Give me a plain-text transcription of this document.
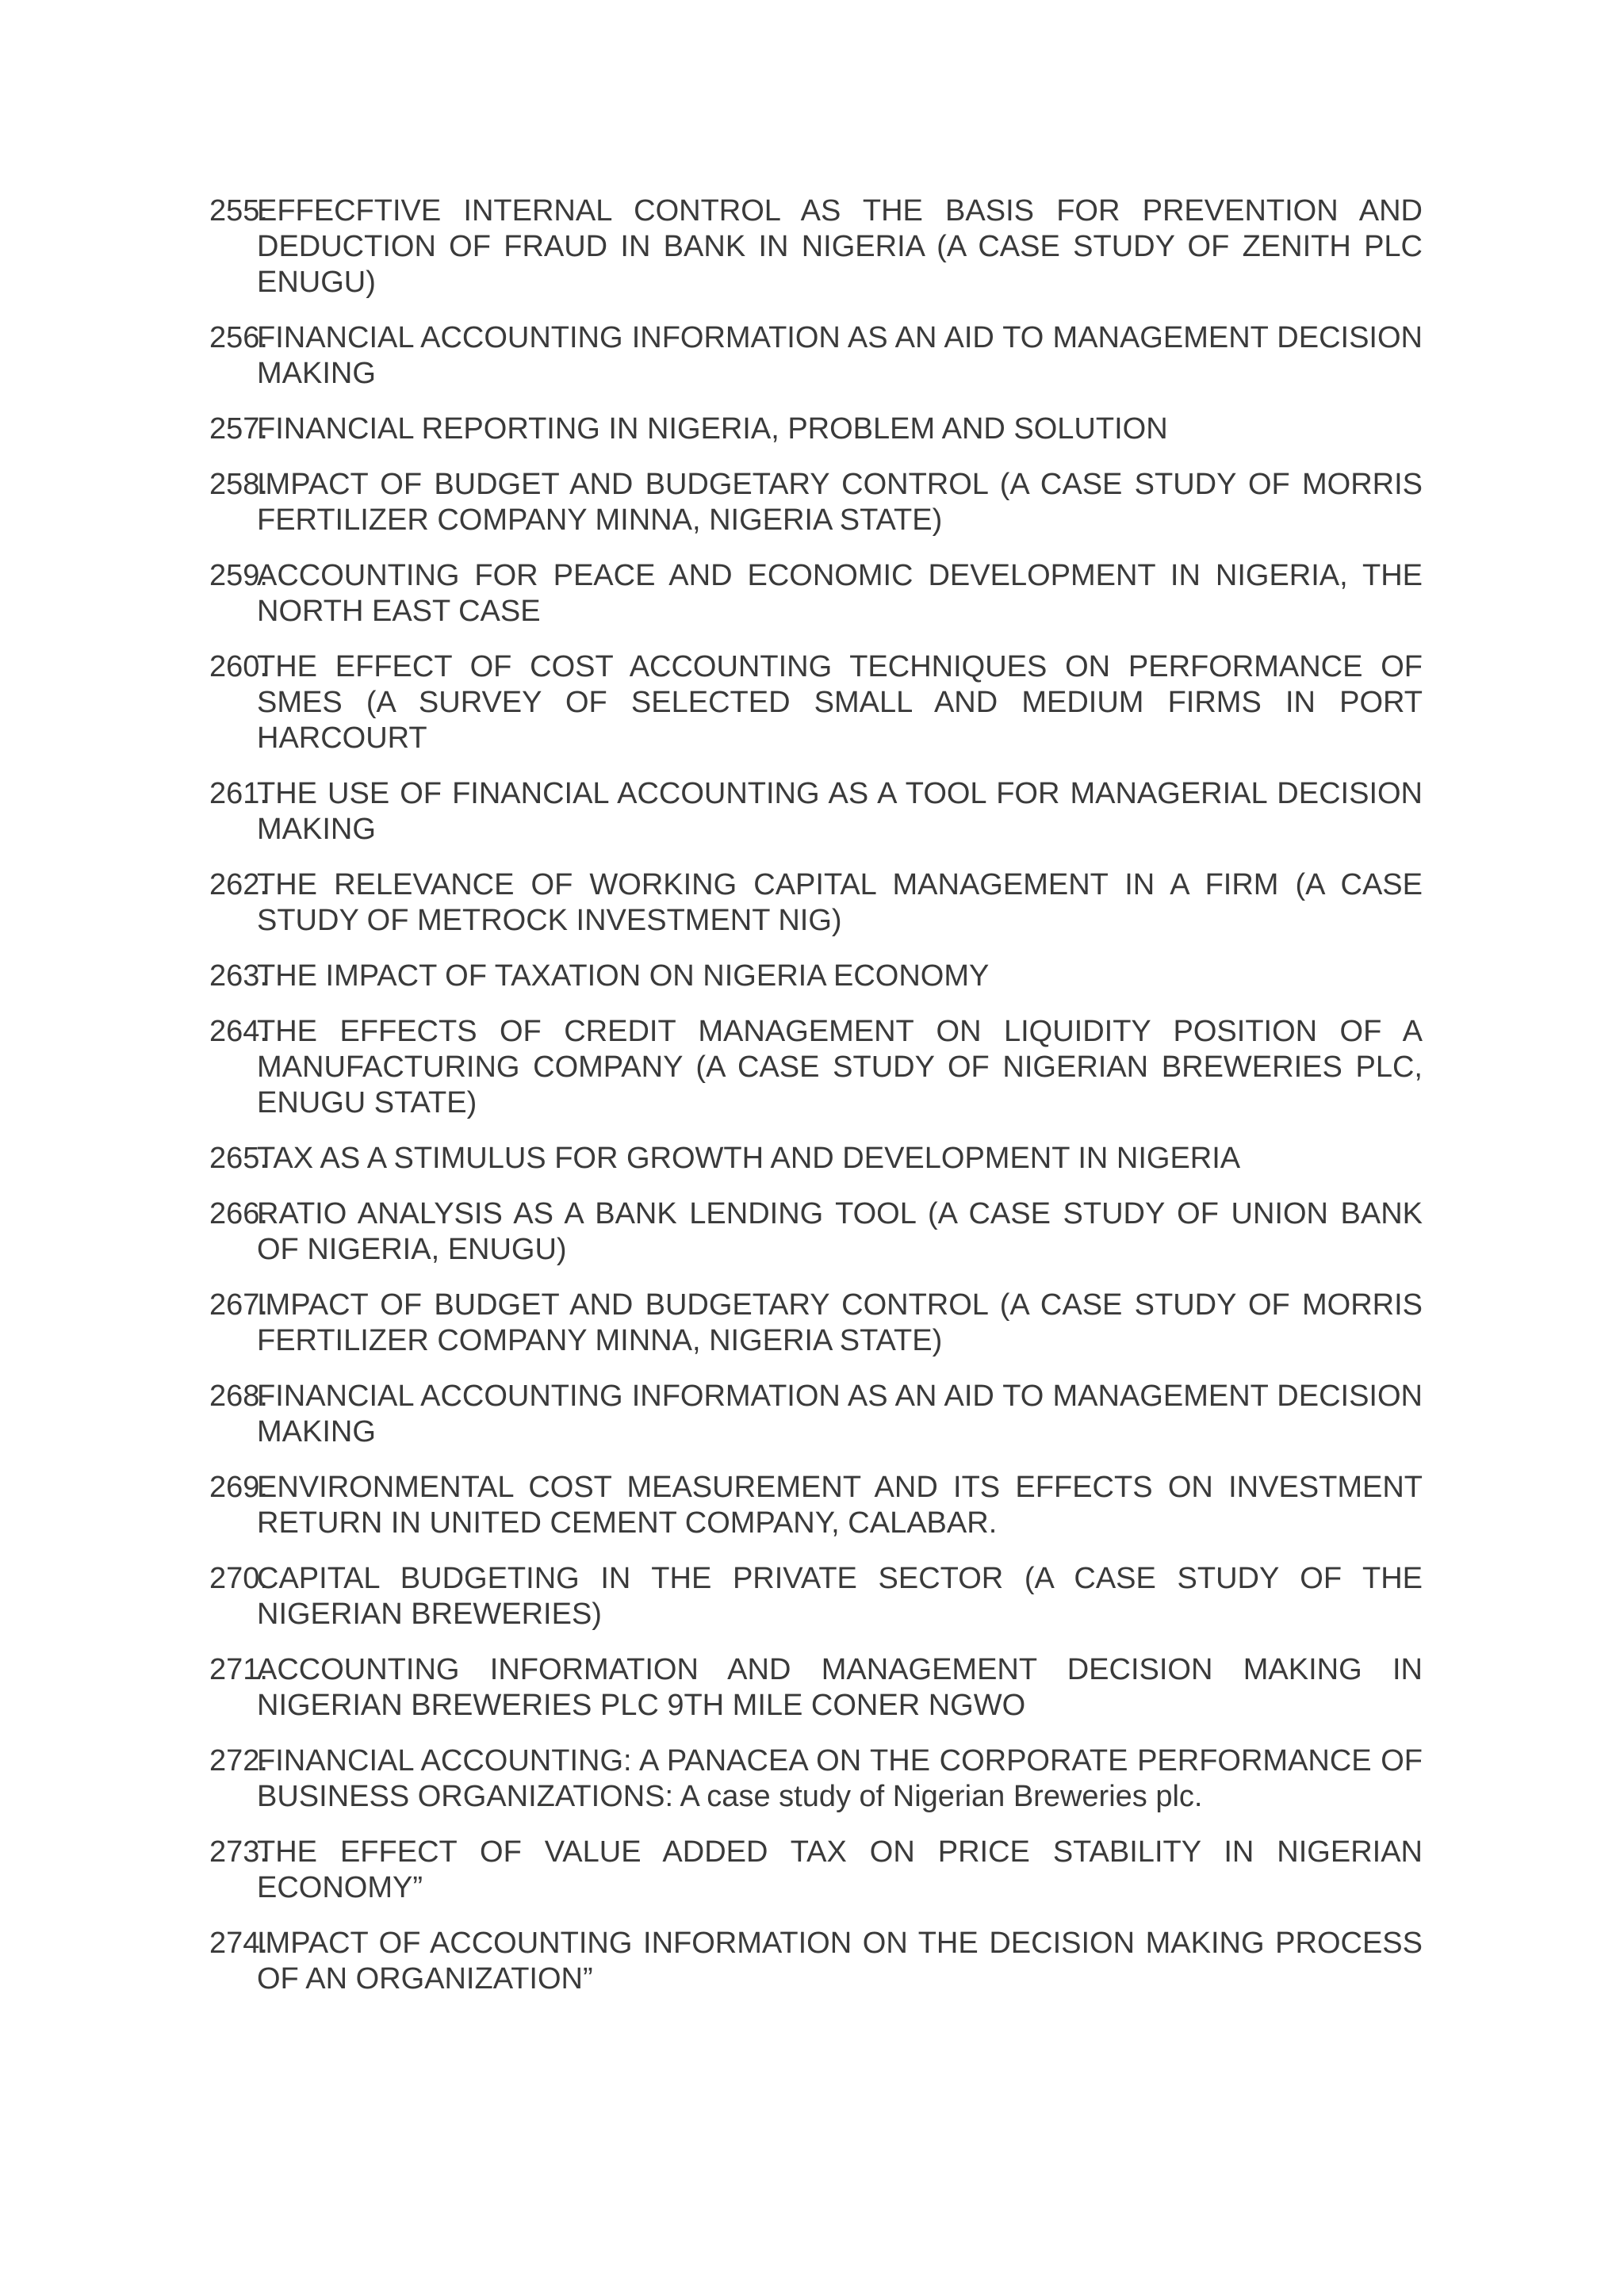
255.
EFFECFTIVE INTERNAL CONTROL AS THE BASIS FOR PREVENTION AND DEDUCTION OF FRAUD IN BANK IN NIGERIA (A CASE STUDY OF ZENITH PLC ENUGU)
256.
FINANCIAL ACCOUNTING INFORMATION AS AN AID TO MANAGEMENT DECISION MAKING
257.
FINANCIAL REPORTING IN NIGERIA, PROBLEM AND SOLUTION
258.
IMPACT OF BUDGET AND BUDGETARY CONTROL (A CASE STUDY OF MORRIS FERTILIZER COMPANY MINNA, NIGERIA STATE)
259.
ACCOUNTING FOR PEACE AND ECONOMIC DEVELOPMENT IN NIGERIA, THE NORTH EAST CASE
260.
THE EFFECT OF COST ACCOUNTING TECHNIQUES ON PERFORMANCE OF SMES (A SURVEY OF SELECTED SMALL AND MEDIUM FIRMS IN PORT HARCOURT
261.
THE USE OF FINANCIAL ACCOUNTING AS A TOOL FOR MANAGERIAL DECISION MAKING
262.
THE RELEVANCE OF WORKING CAPITAL MANAGEMENT IN A FIRM (A CASE STUDY OF METROCK INVESTMENT NIG)
263.
THE IMPACT OF TAXATION ON NIGERIA ECONOMY
264.
THE EFFECTS OF CREDIT MANAGEMENT ON LIQUIDITY POSITION OF A MANUFACTURING COMPANY (A CASE STUDY OF NIGERIAN BREWERIES PLC, ENUGU STATE)
265.
TAX AS A STIMULUS FOR GROWTH AND DEVELOPMENT IN NIGERIA
266.
RATIO ANALYSIS AS A BANK LENDING TOOL (A CASE STUDY OF UNION BANK OF NIGERIA, ENUGU)
267.
IMPACT OF BUDGET AND BUDGETARY CONTROL (A CASE STUDY OF MORRIS FERTILIZER COMPANY MINNA, NIGERIA STATE)
268.
FINANCIAL ACCOUNTING INFORMATION AS AN AID TO MANAGEMENT DECISION MAKING
269.
ENVIRONMENTAL COST MEASUREMENT AND ITS EFFECTS ON INVESTMENT RETURN IN UNITED CEMENT COMPANY, CALABAR.
270.
CAPITAL BUDGETING IN THE PRIVATE SECTOR (A CASE STUDY OF THE NIGERIAN BREWERIES)
271.
ACCOUNTING INFORMATION AND MANAGEMENT DECISION MAKING IN NIGERIAN BREWERIES PLC 9TH MILE CONER NGWO
272.
FINANCIAL ACCOUNTING: A PANACEA ON THE CORPORATE PERFORMANCE OF BUSINESS ORGANIZATIONS: A case study of Nigerian Breweries plc.
273.
THE EFFECT OF VALUE ADDED TAX ON PRICE STABILITY IN NIGERIAN ECONOMY”
274.
IMPACT OF ACCOUNTING INFORMATION ON THE DECISION MAKING PROCESS OF AN ORGANIZATION”
